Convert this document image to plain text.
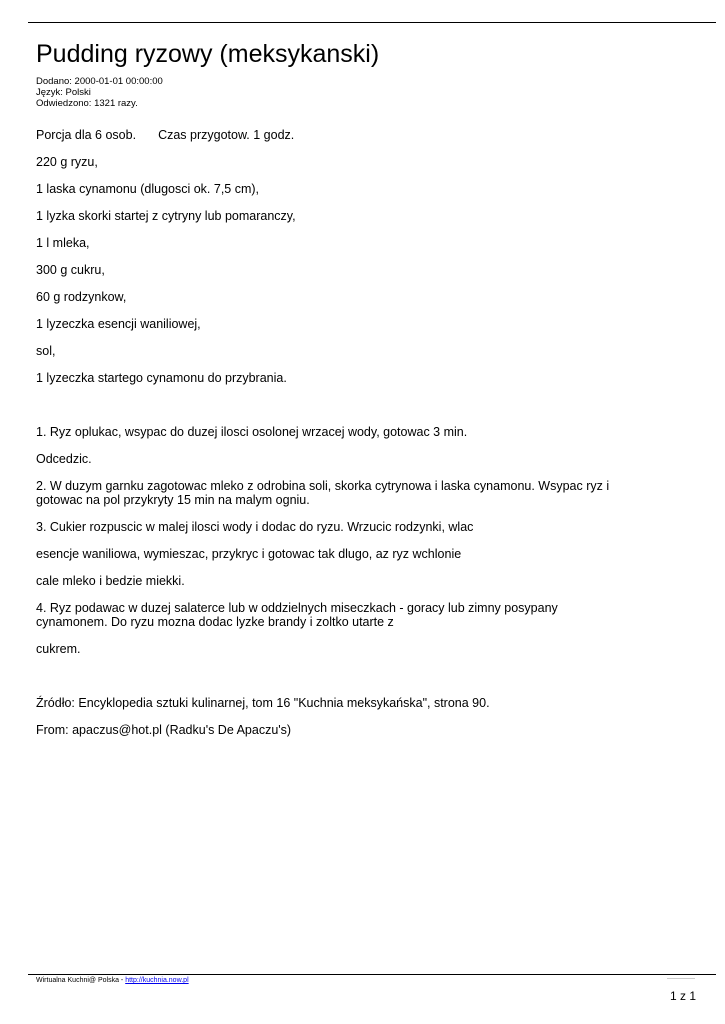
Pudding ryzowy (meksykanski)
Dodano: 2000-01-01 00:00:00
Język: Polski
Odwiedzono: 1321 razy.

Porcja dla 6 osob. Czas przygotow. 1 godz.

220 g ryzu,

1 laska cynamonu (dlugosci ok. 7,5 cm),

1 lyzka skorki startej z cytryny lub pomaranczy,

1 l mleka,

300 g cukru,

60 g rodzynkow,

1 lyzeczka esencji waniliowej,

sol,

1 lyzeczka startego cynamonu do przybrania.

1. Ryz oplukac, wsypac do duzej ilosci osolonej wrzacej wody, gotowac 3 min.

Odcedzic.

2. W duzym garnku zagotowac mleko z odrobina soli, skorka cytrynowa i laska cynamonu. Wsypac ryz i gotowac na pol przykryty 15 min na malym ogniu.

3. Cukier rozpuscic w malej ilosci wody i dodac do ryzu. Wrzucic rodzynki, wlac

esencje waniliowa, wymieszac, przykryc i gotowac tak dlugo, az ryz wchlonie

cale mleko i bedzie miekki.

4. Ryz podawac w duzej salaterce lub w oddzielnych miseczkach - goracy lub zimny posypany cynamonem. Do ryzu mozna dodac lyzke brandy i zoltko utarte z

cukrem.

Źródło: Encyklopedia sztuki kulinarnej, tom 16 "Kuchnia meksykańska", strona 90.

From: apaczus@hot.pl (Radku's De Apaczu's)

Wirtualna Kuchni@ Polska - http://kuchnia.now.pl
1 z 1
